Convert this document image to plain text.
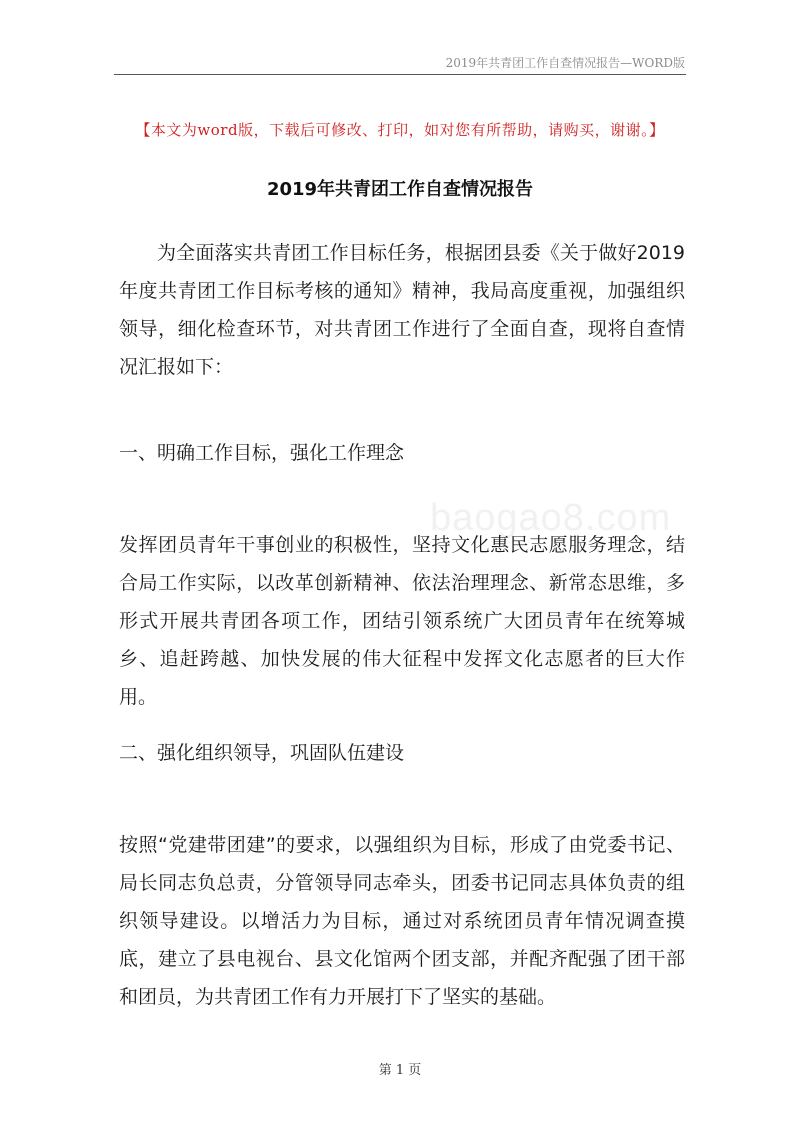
2019年共青团工作自查情况报告—WORD版
baogao8.com
【本文为word版，下载后可修改、打印，如对您有所帮助，请购买，谢谢。】
2019年共青团工作自查情况报告

为全面落实共青团工作目标任务，根据团县委《关于做好2019年度共青团工作目标考核的通知》精神，我局高度重视，加强组织领导，细化检查环节，对共青团工作进行了全面自查，现将自查情况汇报如下：

一、明确工作目标，强化工作理念

发挥团员青年干事创业的积极性，坚持文化惠民志愿服务理念，结合局工作实际，以改革创新精神、依法治理理念、新常态思维，多形式开展共青团各项工作，团结引领系统广大团员青年在统筹城乡、追赶跨越、加快发展的伟大征程中发挥文化志愿者的巨大作用。

二、强化组织领导，巩固队伍建设

按照“党建带团建”的要求，以强组织为目标，形成了由党委书记、局长同志负总责，分管领导同志牵头，团委书记同志具体负责的组织领导建设。以增活力为目标，通过对系统团员青年情况调查摸底，建立了县电视台、县文化馆两个团支部，并配齐配强了团干部和团员，为共青团工作有力开展打下了坚实的基础。

第 1 页
